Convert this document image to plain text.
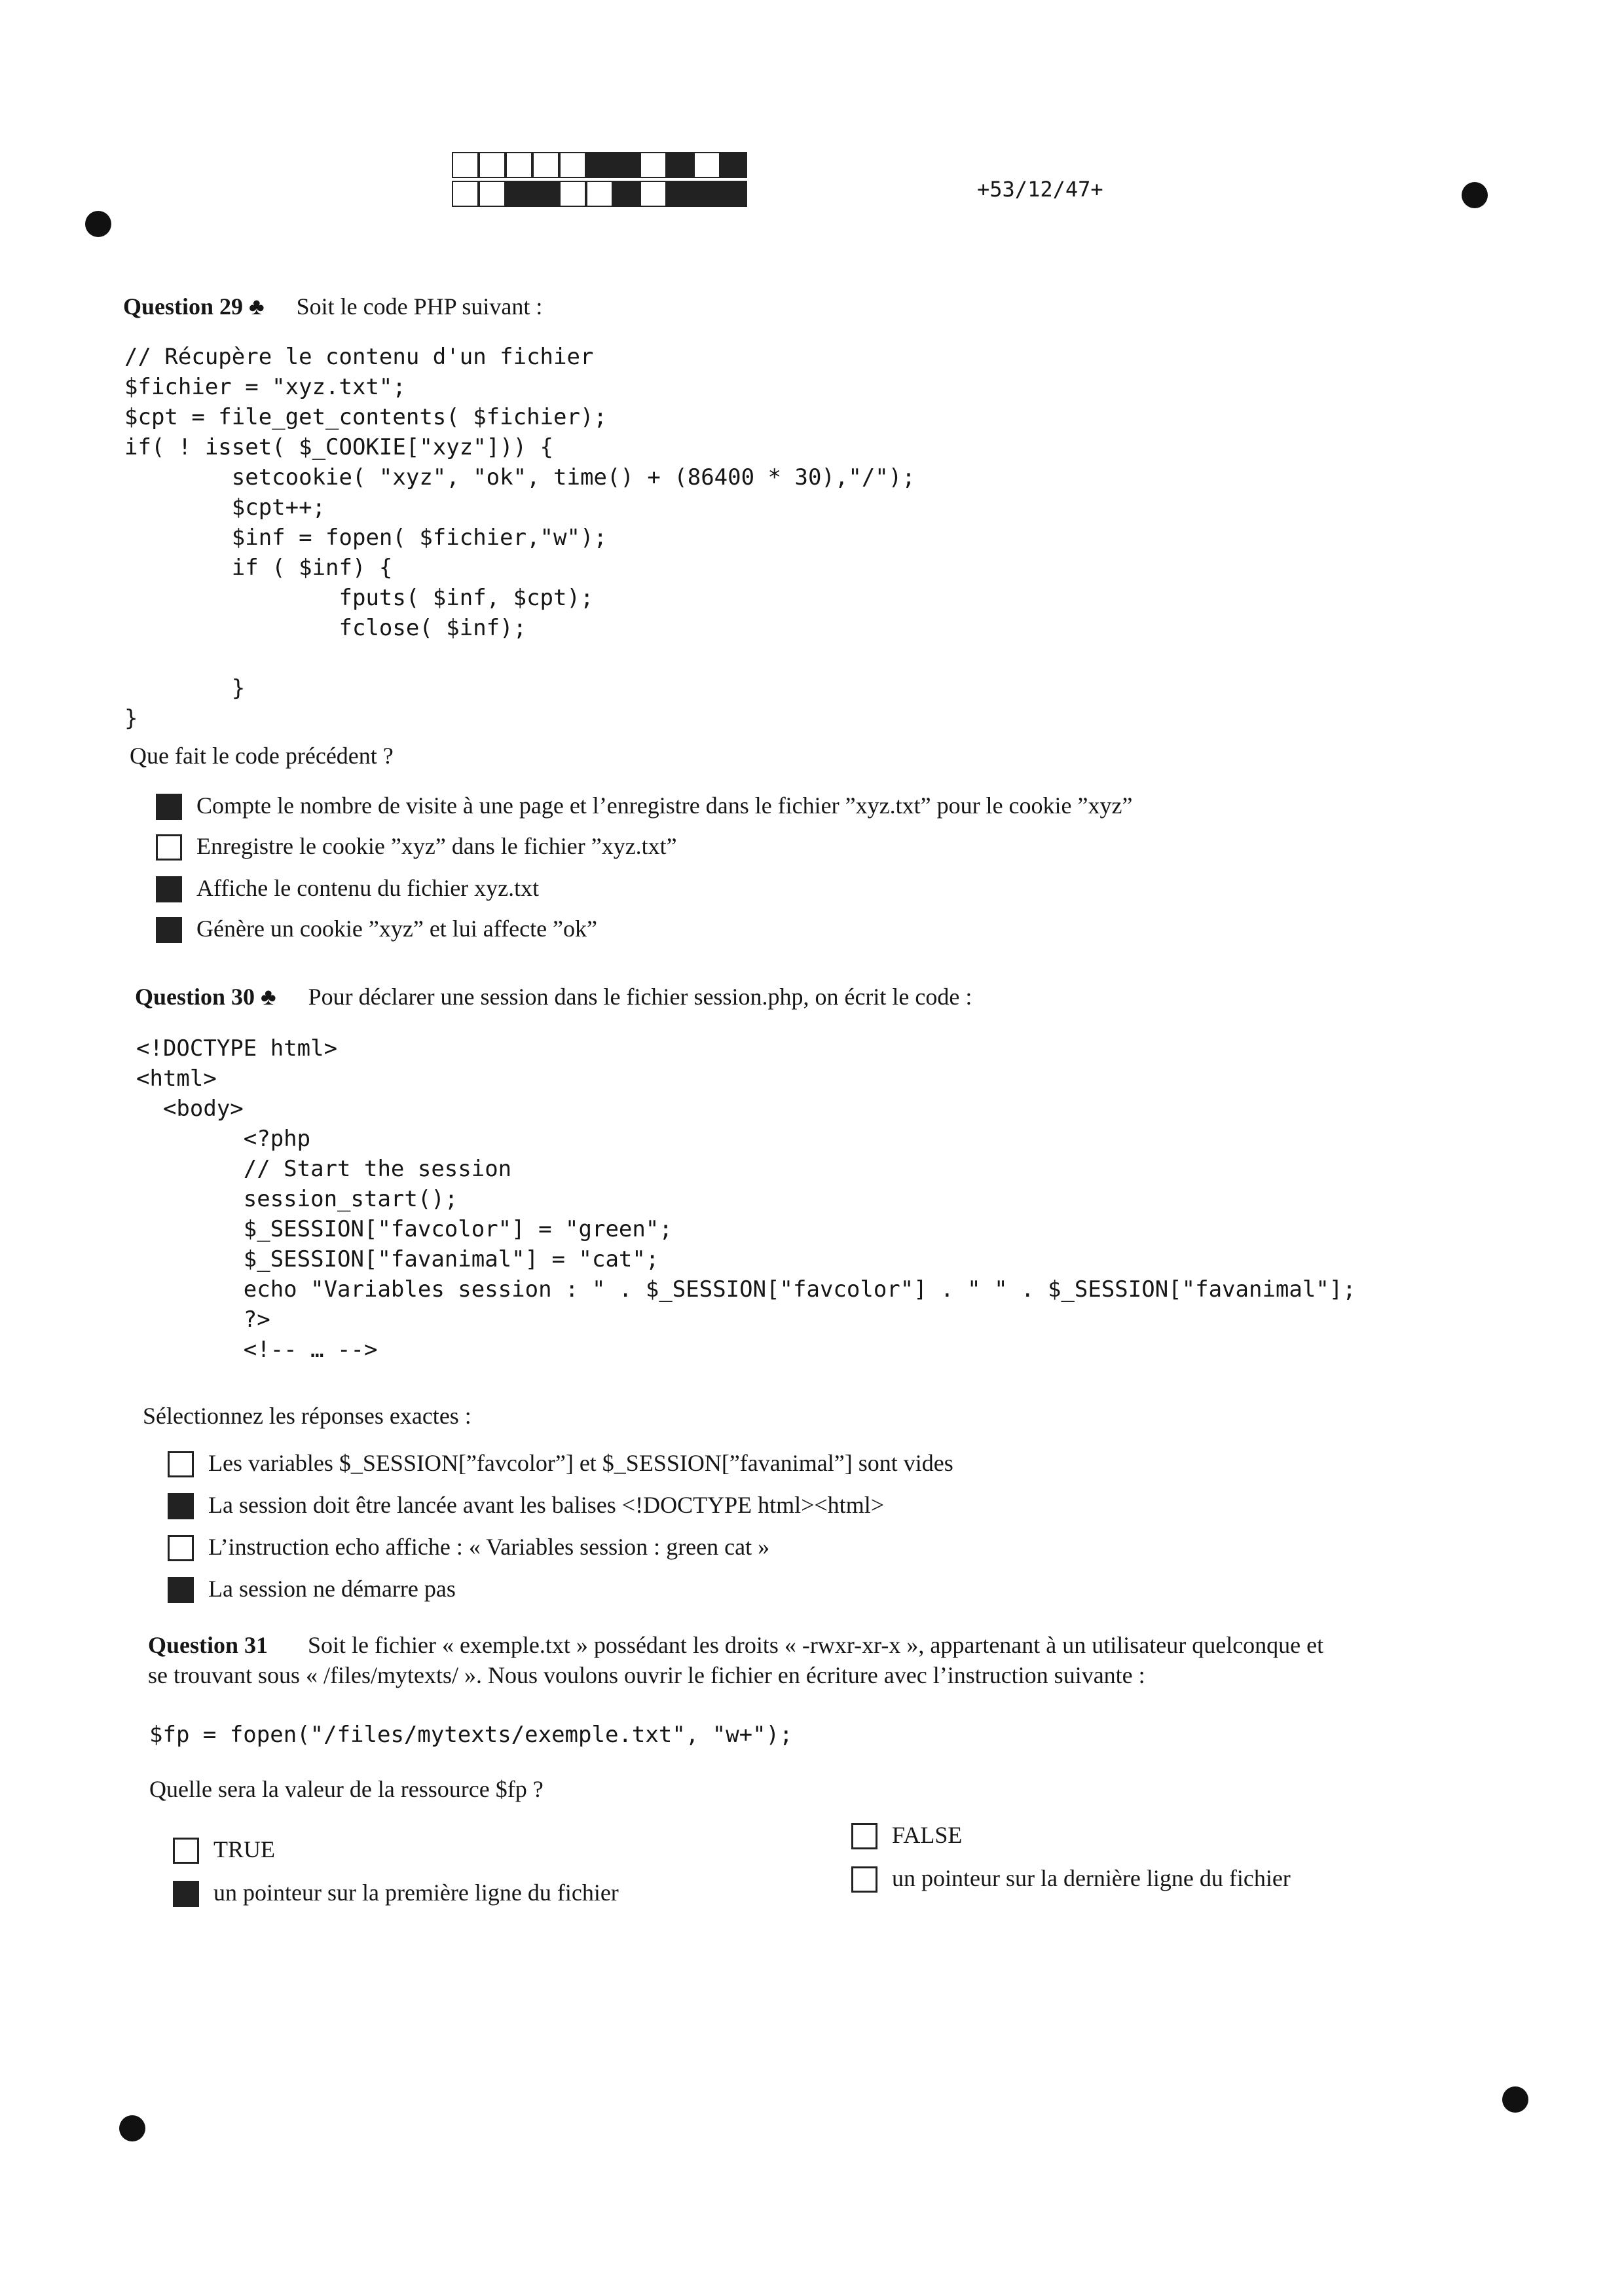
+53/12/47+
Question 29 ♣ Soit le code PHP suivant :
// Récupère le contenu d'un fichier
$fichier = "xyz.txt";
$cpt = file_get_contents( $fichier);
if( ! isset( $_COOKIE["xyz"])) {
setcookie( "xyz", "ok", time() + (86400 * 30),"/");
$cpt++;
$inf = fopen( $fichier,"w");
if ( $inf) {
fputs( $inf, $cpt);
fclose( $inf);
}
}
Que fait le code précédent ?
Compte le nombre de visite à une page et l’enregistre dans le fichier ”xyz.txt” pour le cookie ”xyz”
Enregistre le cookie ”xyz” dans le fichier ”xyz.txt”
Affiche le contenu du fichier xyz.txt
Génère un cookie ”xyz” et lui affecte ”ok”
Question 30 ♣ Pour déclarer une session dans le fichier session.php, on écrit le code :
<!DOCTYPE html>
<html>
<body>
<?php
// Start the session
session_start();
$_SESSION["favcolor"] = "green";
$_SESSION["favanimal"] = "cat";
echo "Variables session : " . $_SESSION["favcolor"] . " " . $_SESSION["favanimal"];
?>
<!-- … -->
Sélectionnez les réponses exactes :
Les variables $_SESSION[”favcolor”] et $_SESSION[”favanimal”] sont vides
La session doit être lancée avant les balises <!DOCTYPE html><html>
L’instruction echo affiche : « Variables session : green cat »
La session ne démarre pas
Question 31 Soit le fichier « exemple.txt » possédant les droits « -rwxr-xr-x », appartenant à un utilisateur quelconque et
se trouvant sous « /files/mytexts/ ». Nous voulons ouvrir le fichier en écriture avec l’instruction suivante :
$fp = fopen("/files/mytexts/exemple.txt", "w+");
Quelle sera la valeur de la ressource $fp ?
TRUE
un pointeur sur la première ligne du fichier
FALSE
un pointeur sur la dernière ligne du fichier
